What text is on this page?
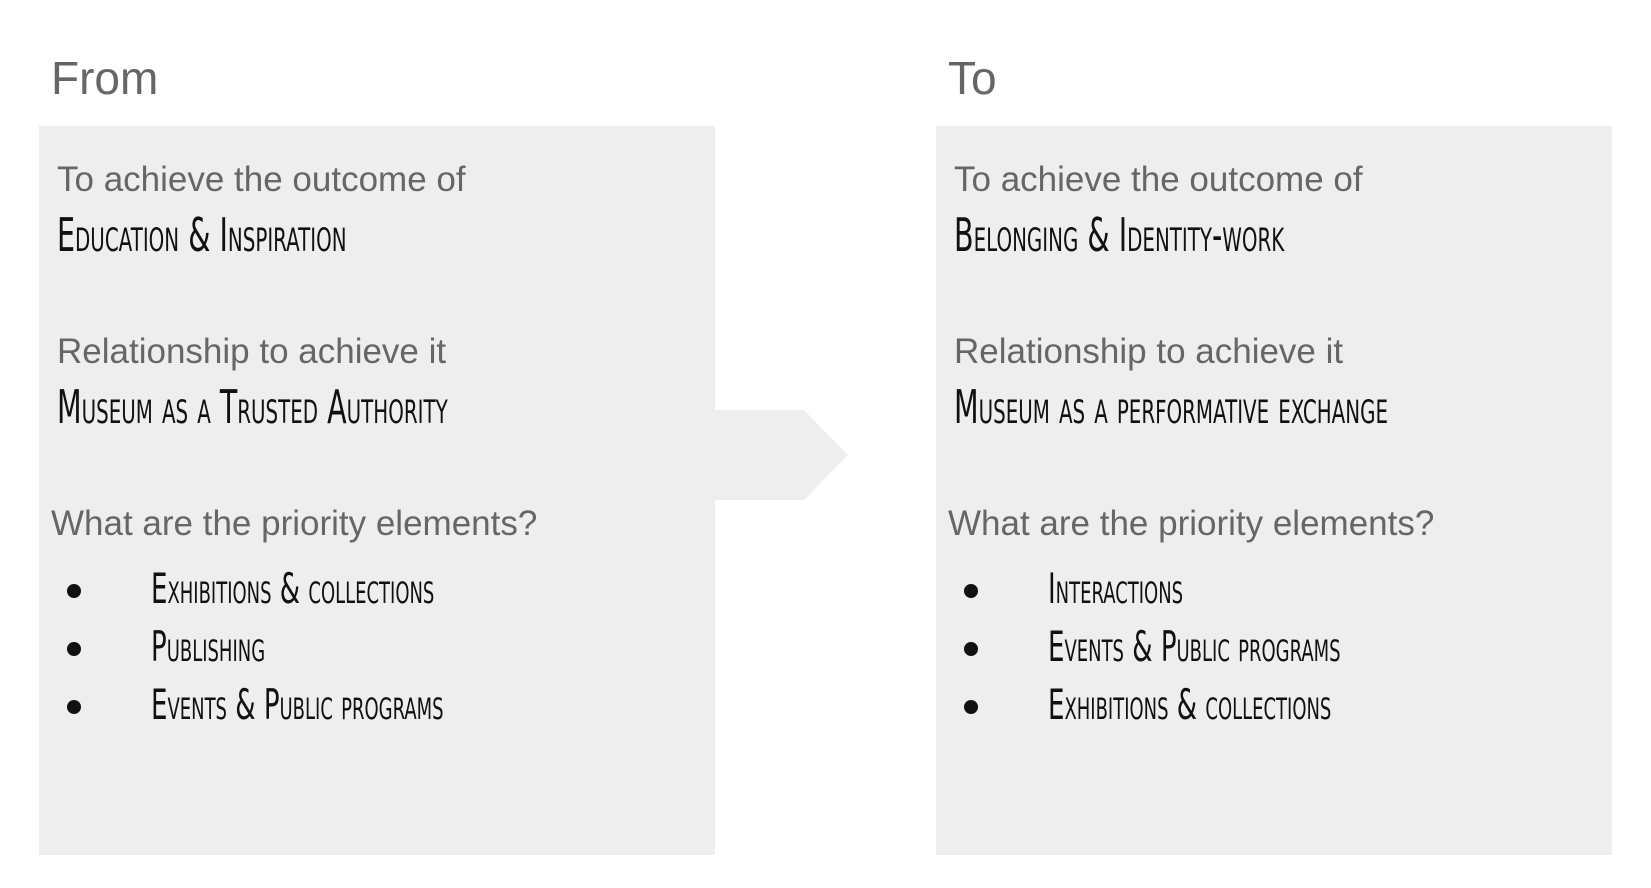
From
To achieve the outcome of
Education & Inspiration
Relationship to achieve it
Museum as a Trusted Authority
What are the priority elements?
Exhibitions & collections
Publishing
Events & Public programs
To
To achieve the outcome of
Belonging & Identity-work
Relationship to achieve it
Museum as a performative exchange
What are the priority elements?
Interactions
Events & Public programs
Exhibitions & collections
